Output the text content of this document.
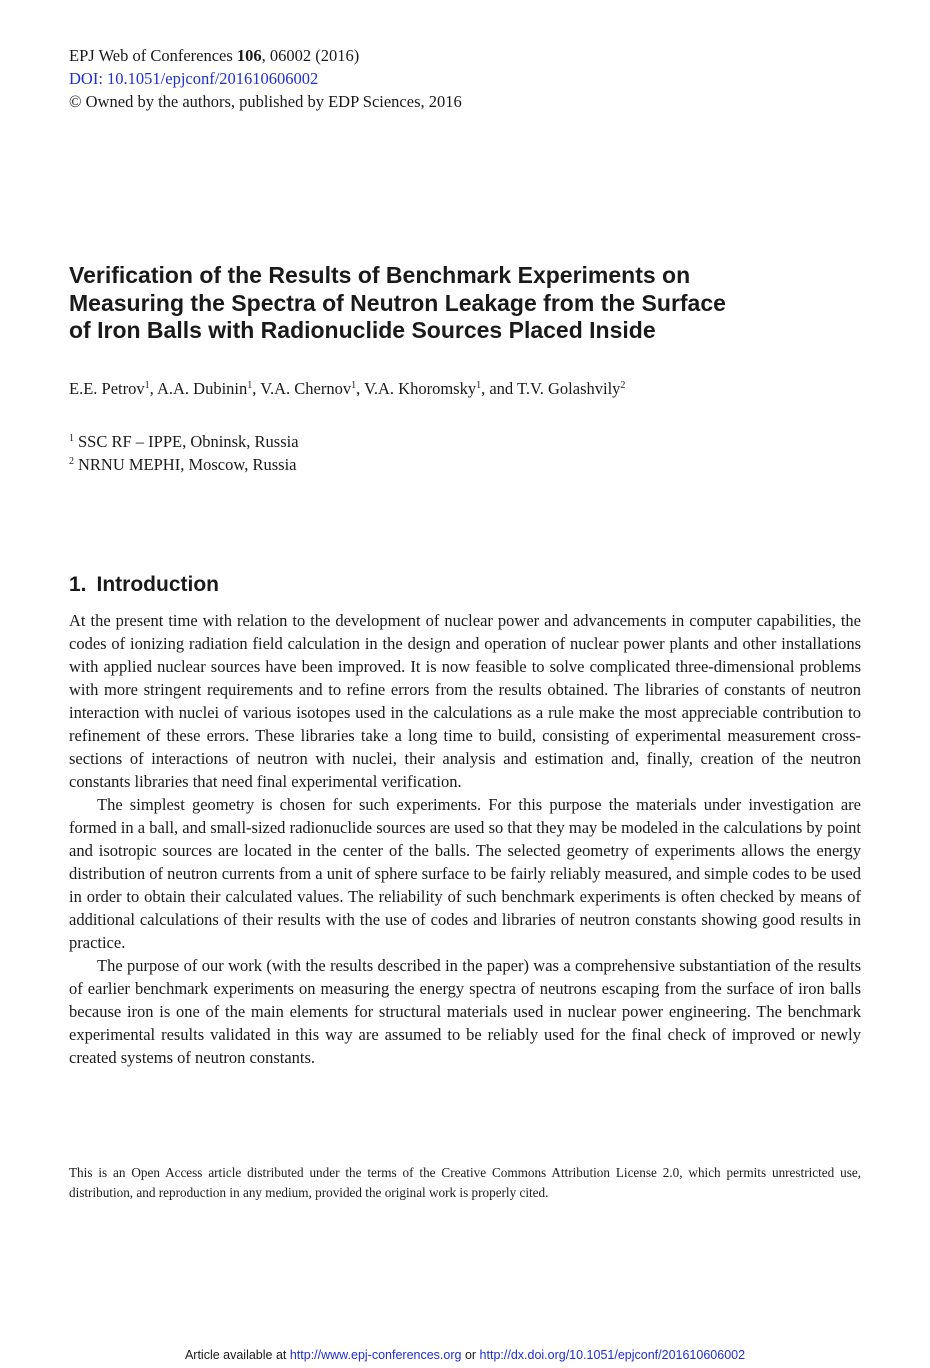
EPJ Web of Conferences 106, 06002 (2016)
DOI: 10.1051/epjconf/201610606002
© Owned by the authors, published by EDP Sciences, 2016
Verification of the Results of Benchmark Experiments on
Measuring the Spectra of Neutron Leakage from the Surface
of Iron Balls with Radionuclide Sources Placed Inside
E.E. Petrov$^1$, A.A. Dubinin$^1$, V.A. Chernov$^1$, V.A. Khoromsky$^1$, and T.V. Golashvily$^2$
$^1$ SSC RF – IPPE, Obninsk, Russia
$^2$ NRNU MEPHI, Moscow, Russia
1. Introduction

At the present time with relation to the development of nuclear power and advancements in computer capabilities, the codes of ionizing radiation field calculation in the design and operation of nuclear power plants and other installations with applied nuclear sources have been improved. It is now feasible to solve complicated three-dimensional problems with more stringent requirements and to refine errors from the results obtained. The libraries of constants of neutron interaction with nuclei of various isotopes used in the calculations as a rule make the most appreciable contribution to refinement of these errors. These libraries take a long time to build, consisting of experimental measurement cross-sections of interactions of neutron with nuclei, their analysis and estimation and, finally, creation of the neutron constants libraries that need final experimental verification.

The simplest geometry is chosen for such experiments. For this purpose the materials under investigation are formed in a ball, and small-sized radionuclide sources are used so that they may be modeled in the calculations by point and isotropic sources are located in the center of the balls. The selected geometry of experiments allows the energy distribution of neutron currents from a unit of sphere surface to be fairly reliably measured, and simple codes to be used in order to obtain their calculated values. The reliability of such benchmark experiments is often checked by means of additional calculations of their results with the use of codes and libraries of neutron constants showing good results in practice.

The purpose of our work (with the results described in the paper) was a comprehensive substantiation of the results of earlier benchmark experiments on measuring the energy spectra of neutrons escaping from the surface of iron balls because iron is one of the main elements for structural materials used in nuclear power engineering. The benchmark experimental results validated in this way are assumed to be reliably used for the final check of improved or newly created systems of neutron constants.

This is an Open Access article distributed under the terms of the Creative Commons Attribution License 2.0, which permits unrestricted use, distribution, and reproduction in any medium, provided the original work is properly cited.
Article available at http://www.epj-conferences.org or http://dx.doi.org/10.1051/epjconf/201610606002
